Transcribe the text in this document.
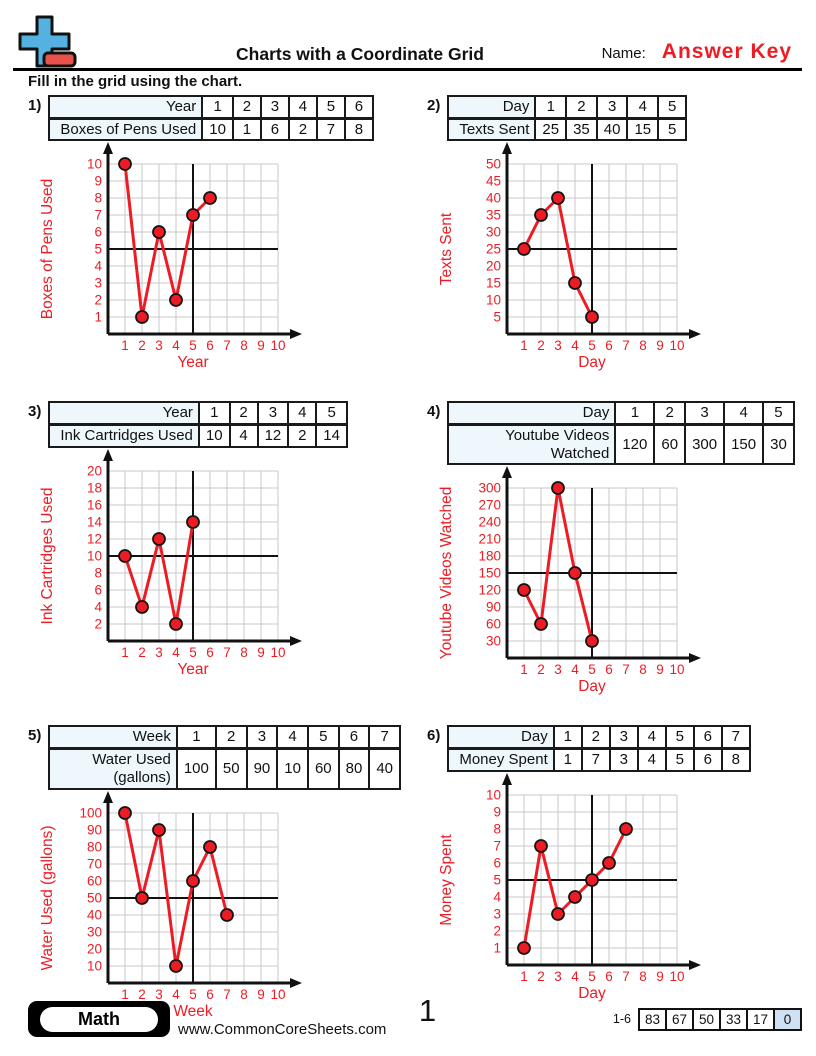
Charts with a Coordinate Grid	Name: Answer Key
Fill in the grid using the chart.
1)	Year	1	2	3	4	5	6
Boxes of Pens Used	10	1	6	2	7	8
1
2
3
4
5
6
7
8
9
10
1 2 3 4 5 6 7 8 9 10
Year
Boxes of Pens Used
2)	Day	1	2	3	4	5
Texts Sent	25	35	40	15	5
5
10
15
20
25
30
35
40
45
50
1 2 3 4 5 6 7 8 9 10
Day
Texts Sent
3)	Year	1	2	3	4	5
Ink Cartridges Used	10	4	12	2	14
2
4
6
8
10
12
14
16
18
20
1 2 3 4 5 6 7 8 9 10
Year
Ink Cartridges Used
4)	Day	1	2	3	4	5
Youtube Videos Watched	120	60	300	150	30
30
60
90
120
150
180
210
240
270
300
1 2 3 4 5 6 7 8 9 10
Day
Youtube Videos Watched
5)	Week	1	2	3	4	5	6	7
Water Used (gallons)	100	50	90	10	60	80	40
10
20
30
40
50
60
70
80
90
100
1 2 3 4 5 6 7 8 9 10
Week
Water Used (gallons)
6)	Day	1	2	3	4	5	6	7
Money Spent	1	7	3	4	5	6	8
1
2
3
4
5
6
7
8
9
10
1 2 3 4 5 6 7 8 9 10
Day
Money Spent
Math
www.CommonCoreSheets.com
1	1-6	83 67 50 33 17	0
